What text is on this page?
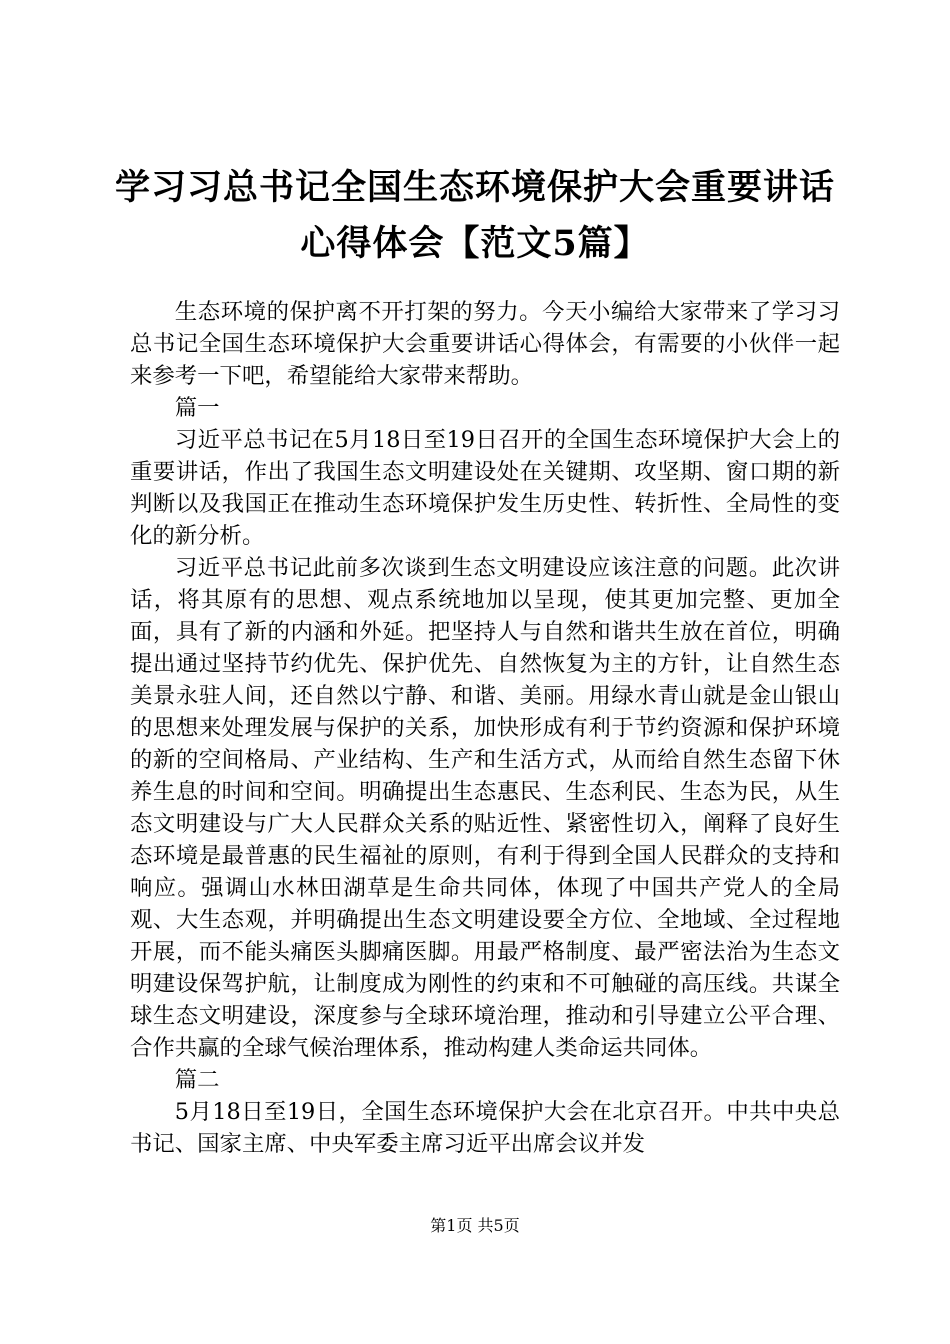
学习习总书记全国生态环境保护大会重要讲话
心得体会【范文5篇】

生态环境的保护离不开打架的努力。今天小编给大家带来了学习习总书记全国生态环境保护大会重要讲话心得体会，有需要的小伙伴一起来参考一下吧，希望能给大家带来帮助。

篇一

习近平总书记在5月18日至19日召开的全国生态环境保护大会上的重要讲话，作出了我国生态文明建设处在关键期、攻坚期、窗口期的新判断以及我国正在推动生态环境保护发生历史性、转折性、全局性的变化的新分析。

习近平总书记此前多次谈到生态文明建设应该注意的问题。此次讲话，将其原有的思想、观点系统地加以呈现，使其更加完整、更加全面，具有了新的内涵和外延。把坚持人与自然和谐共生放在首位，明确提出通过坚持节约优先、保护优先、自然恢复为主的方针，让自然生态美景永驻人间，还自然以宁静、和谐、美丽。用绿水青山就是金山银山的思想来处理发展与保护的关系，加快形成有利于节约资源和保护环境的新的空间格局、产业结构、生产和生活方式，从而给自然生态留下休养生息的时间和空间。明确提出生态惠民、生态利民、生态为民，从生态文明建设与广大人民群众关系的贴近性、紧密性切入，阐释了良好生态环境是最普惠的民生福祉的原则，有利于得到全国人民群众的支持和响应。强调山水林田湖草是生命共同体，体现了中国共产党人的全局观、大生态观，并明确提出生态文明建设要全方位、全地域、全过程地开展，而不能头痛医头脚痛医脚。用最严格制度、最严密法治为生态文明建设保驾护航，让制度成为刚性的约束和不可触碰的高压线。共谋全球生态文明建设，深度参与全球环境治理，推动和引导建立公平合理、合作共赢的全球气候治理体系，推动构建人类命运共同体。

篇二

5月18日至19日，全国生态环境保护大会在北京召开。中共中央总书记、国家主席、中央军委主席习近平出席会议并发

第1页 共5页
